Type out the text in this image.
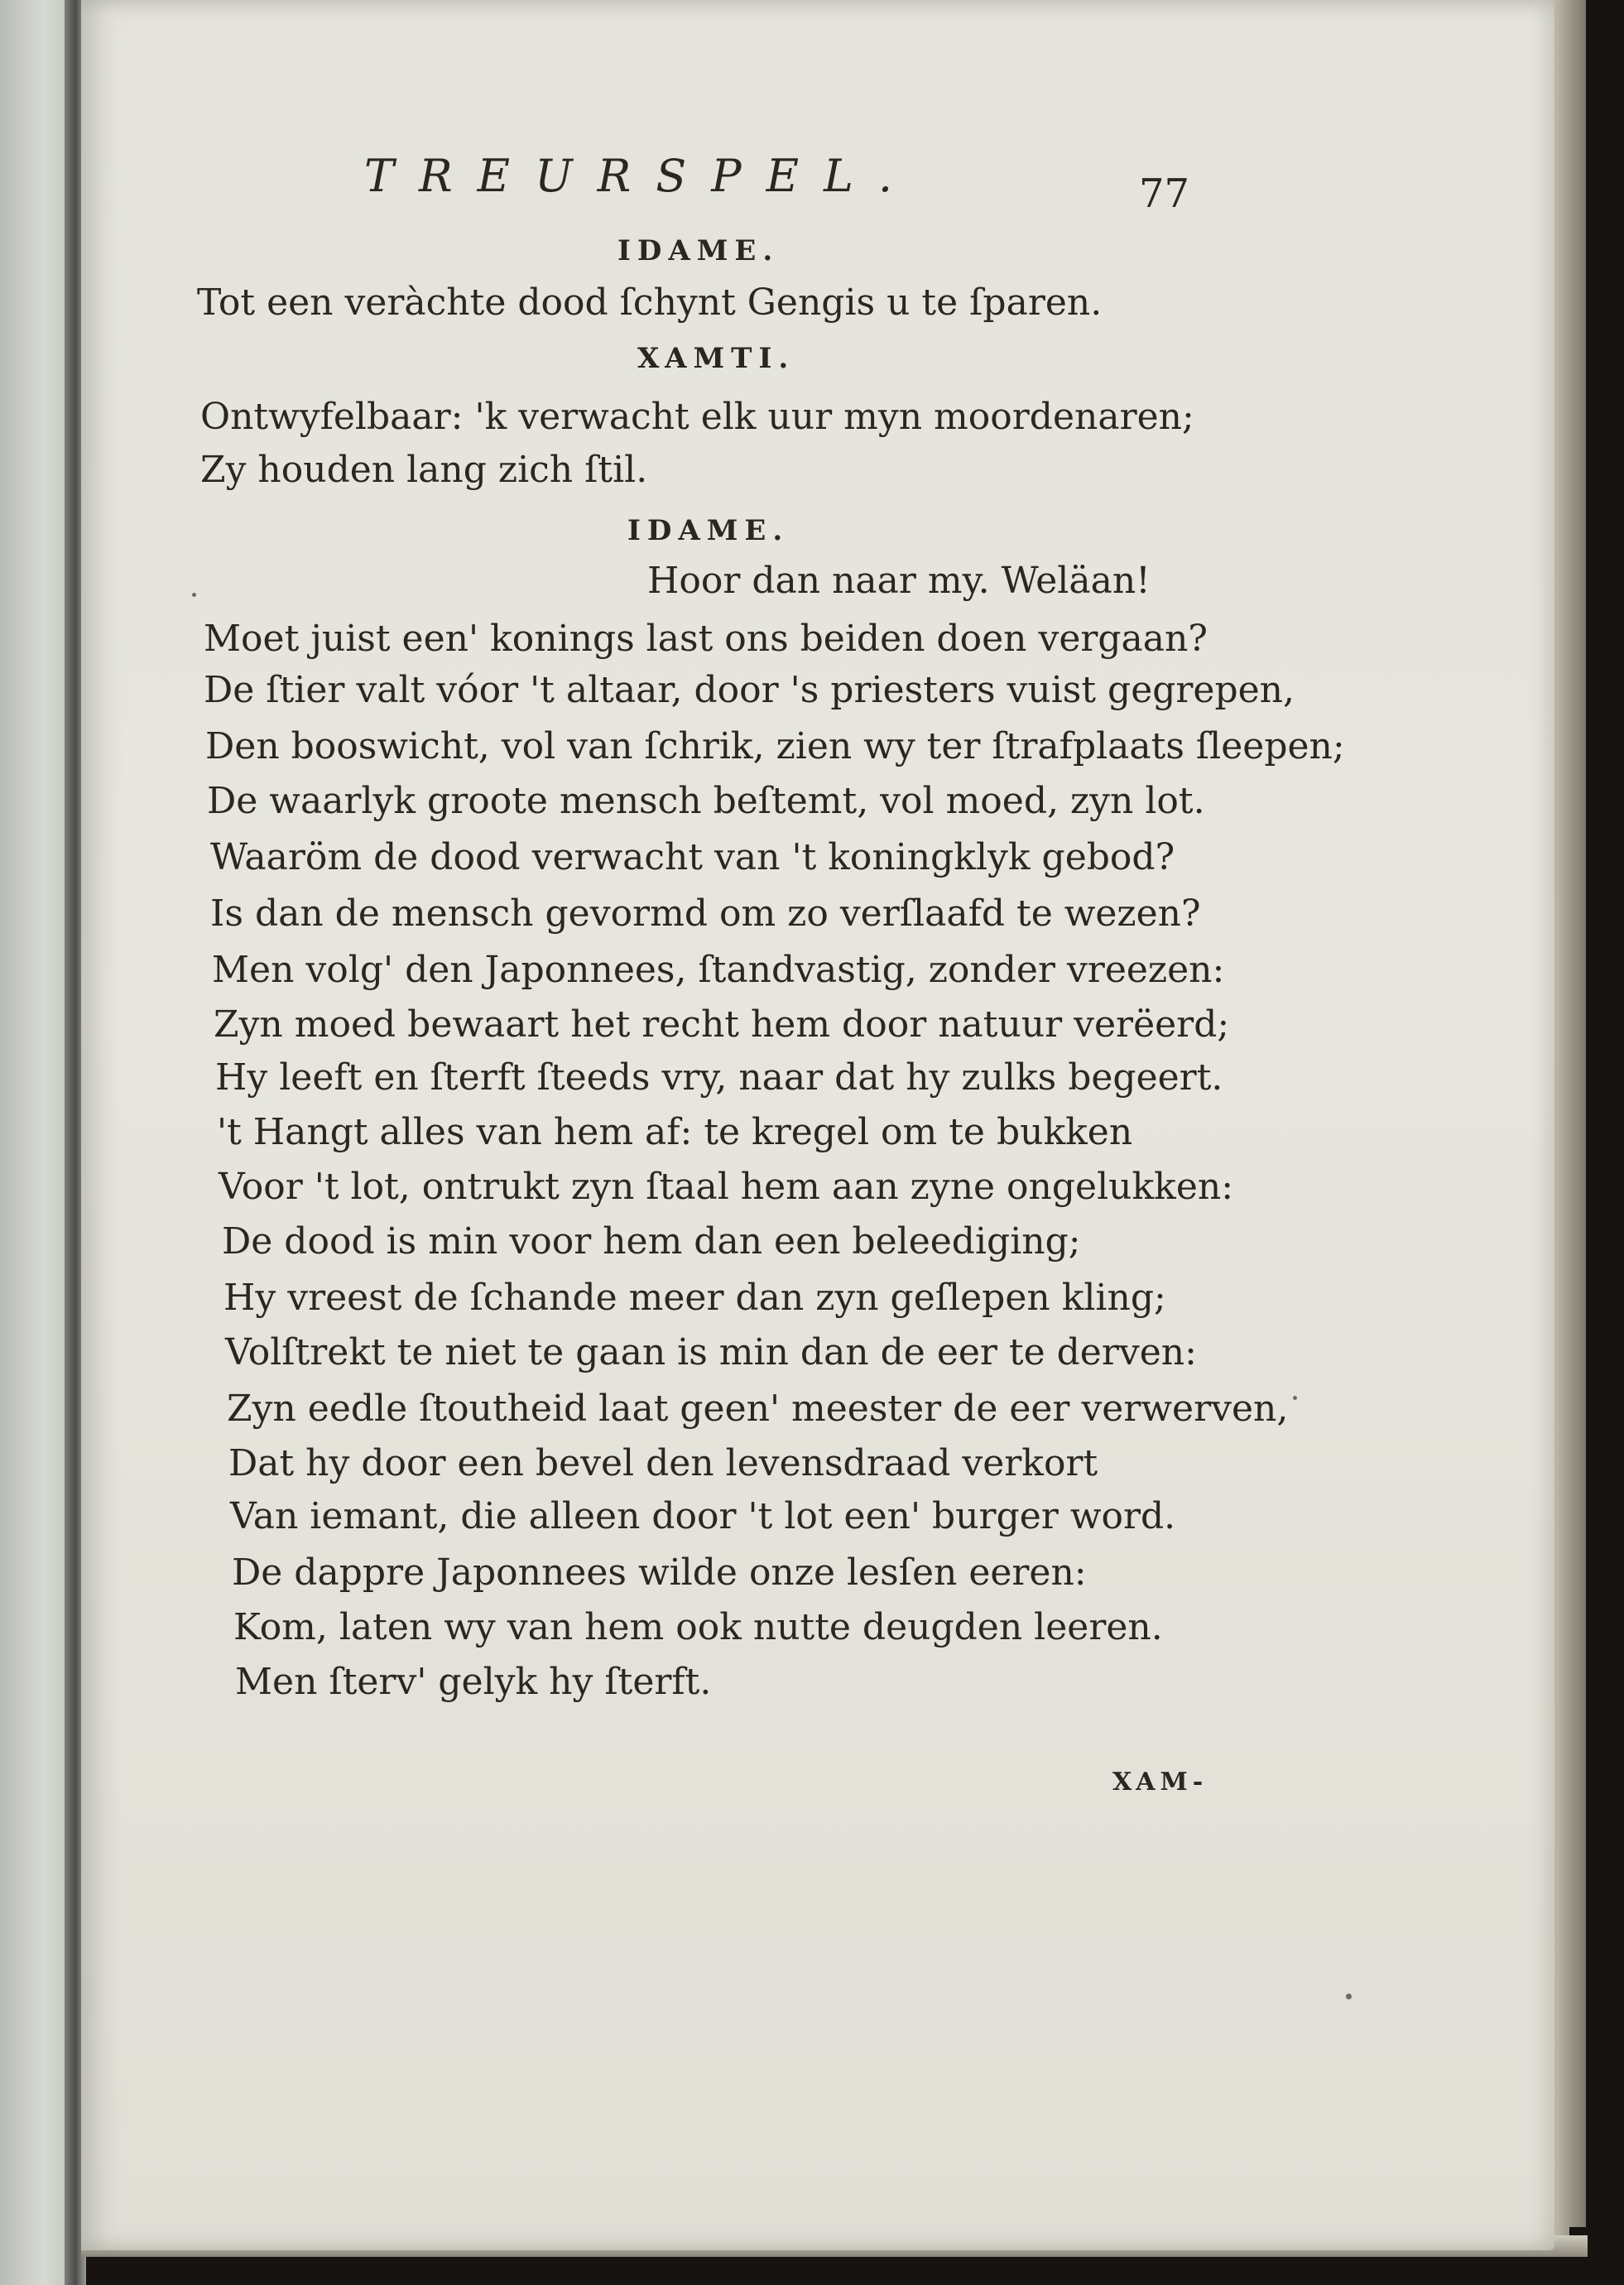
TREURSPEL.	77
IDAME.
Tot een veràchte dood ſchynt Gengis u te ſparen.
XAMTI.
Ontwyfelbaar: 'k verwacht elk uur myn moordenaren;
Zy houden lang zich ſtil.
IDAME.
Hoor dan naar my. Weläan!
Moet juist een' konings last ons beiden doen vergaan?
De ſtier valt vóor 't altaar, door 's priesters vuist gegrepen,
Den booswicht, vol van ſchrik, zien wy ter ſtrafplaats ſleepen;
De waarlyk groote mensch beſtemt, vol moed, zyn lot.
Waaröm de dood verwacht van 't koningklyk gebod?
Is dan de mensch gevormd om zo verſlaafd te wezen?
Men volg' den Japonnees, ſtandvastig, zonder vreezen:
Zyn moed bewaart het recht hem door natuur verëerd;
Hy leeft en ſterft ſteeds vry, naar dat hy zulks begeert.
't Hangt alles van hem af: te kregel om te bukken
Voor 't lot, ontrukt zyn ſtaal hem aan zyne ongelukken:
De dood is min voor hem dan een beleediging;
Hy vreest de ſchande meer dan zyn geſlepen kling;
Volſtrekt te niet te gaan is min dan de eer te derven:
Zyn eedle ſtoutheid laat geen' meester de eer verwerven,
Dat hy door een bevel den levensdraad verkort
Van iemant, die alleen door 't lot een' burger word.
De dappre Japonnees wilde onze lesſen eeren:
Kom, laten wy van hem ook nutte deugden leeren.
Men ſterv' gelyk hy ſterft.
XAM-
